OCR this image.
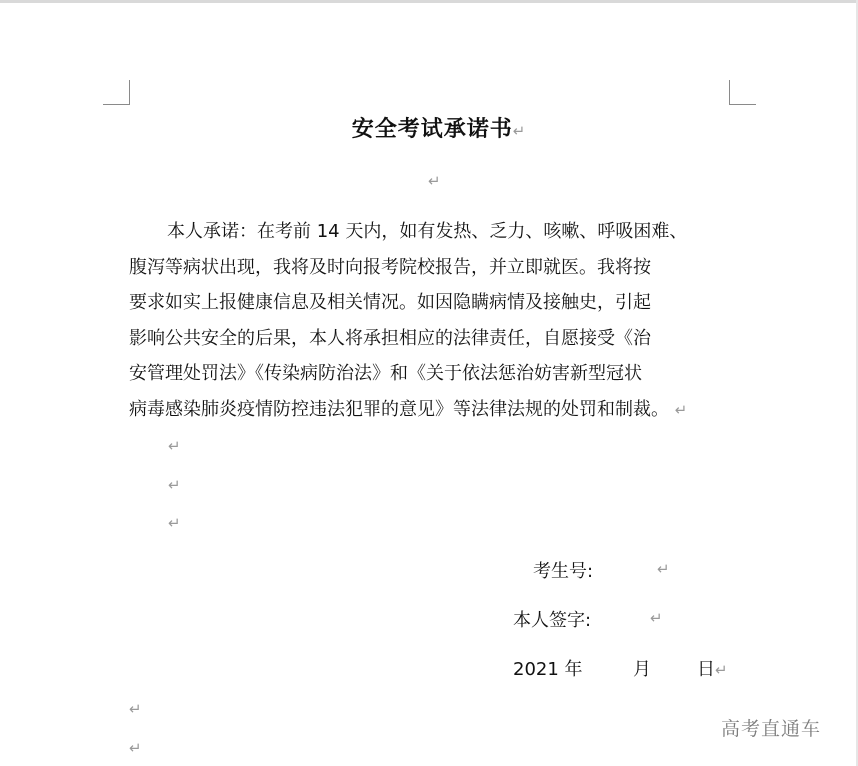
安全考试承诺书↵
↵
本人承诺：在考前 14 天内，如有发热、乏力、咳嗽、呼吸困难、
腹泻等病状出现，我将及时向报考院校报告，并立即就医。我将按
要求如实上报健康信息及相关情况。如因隐瞒病情及接触史，引起
影响公共安全的后果，本人将承担相应的法律责任，自愿接受《治
安管理处罚法》《传染病防治法》和《关于依法惩治妨害新型冠状
病毒感染肺炎疫情防控违法犯罪的意见》等法律法规的处罚和制裁。 ↵
↵
↵
↵
考生号:	↵
本人签字:	↵
2021 年	月	日↵
↵
↵
高考直通车
